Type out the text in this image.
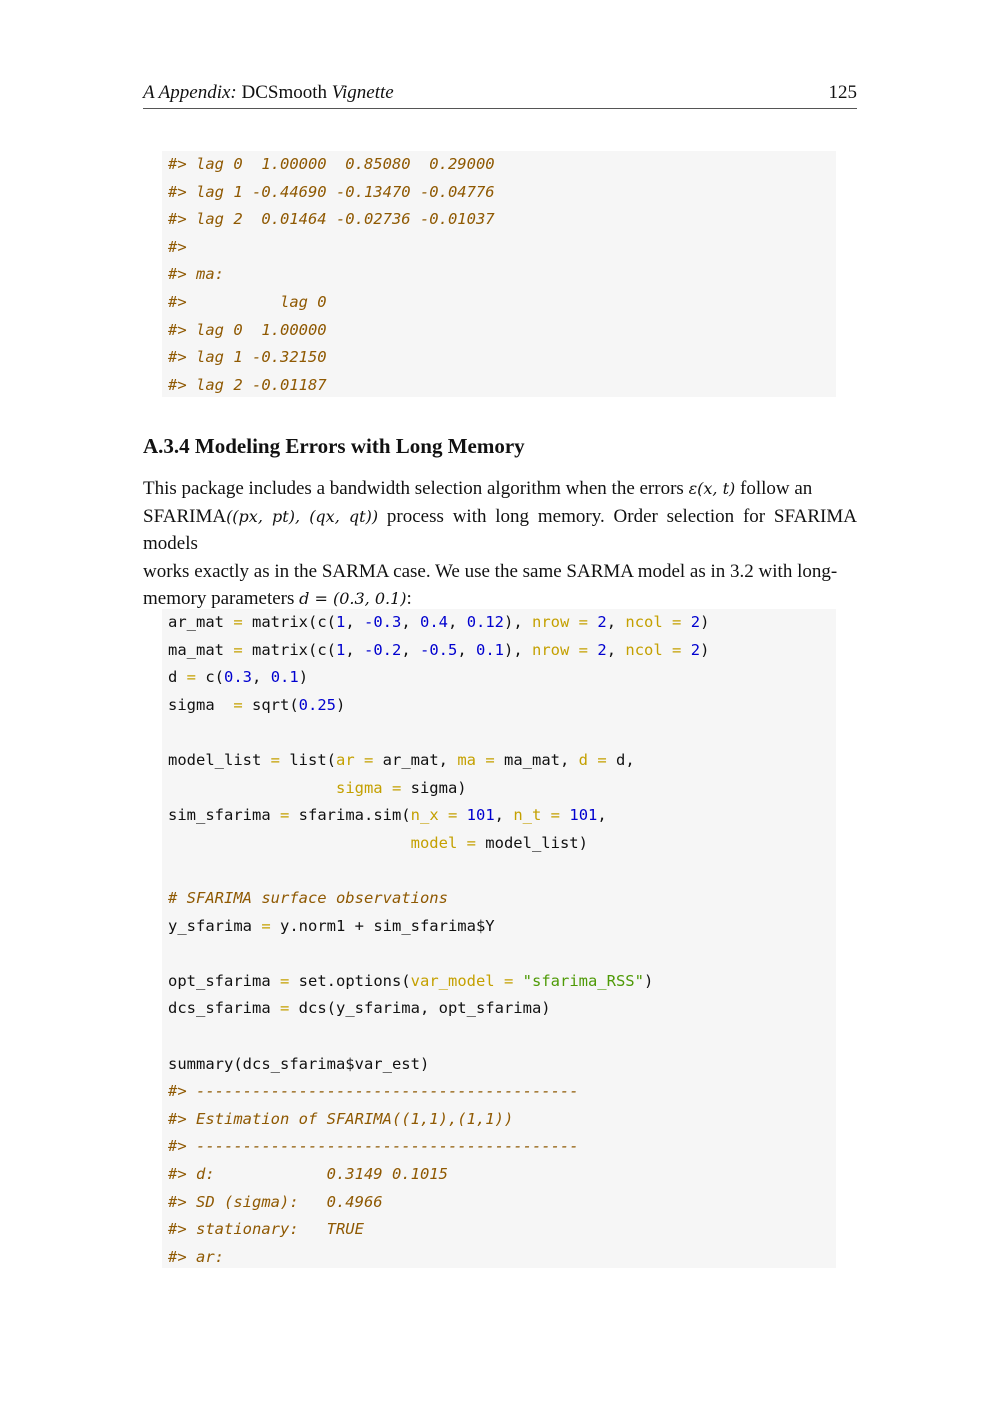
A Appendix: DCSmooth Vignette	125
#> lag 0  1.00000  0.85080  0.29000
#> lag 1 -0.44690 -0.13470 -0.04776
#> lag 2  0.01464 -0.02736 -0.01037
#>
#> ma:
#>          lag 0
#> lag 0  1.00000
#> lag 1 -0.32150
#> lag 2 -0.01187
A.3.4 Modeling Errors with Long Memory
This package includes a bandwidth selection algorithm when the errors ε(x, t) follow an
SFARIMA((px, pt), (qx, qt)) process with long memory. Order selection for SFARIMA models
works exactly as in the SARMA case. We use the same SARMA model as in 3.2 with long-
memory parameters d = (0.3, 0.1):
ar_mat = matrix(c(1, -0.3, 0.4, 0.12), nrow = 2, ncol = 2)
ma_mat = matrix(c(1, -0.2, -0.5, 0.1), nrow = 2, ncol = 2)
d = c(0.3, 0.1)
sigma  = sqrt(0.25)
model_list = list(ar = ar_mat, ma = ma_mat, d = d,
sigma = sigma)
sim_sfarima = sfarima.sim(n_x = 101, n_t = 101,
model = model_list)
# SFARIMA surface observations
y_sfarima = y.norm1 + sim_sfarima$Y
opt_sfarima = set.options(var_model = "sfarima_RSS")
dcs_sfarima = dcs(y_sfarima, opt_sfarima)
summary(dcs_sfarima$var_est)
#> -----------------------------------------
#> Estimation of SFARIMA((1,1),(1,1))
#> -----------------------------------------
#> d:            0.3149 0.1015
#> SD (sigma):   0.4966
#> stationary:   TRUE
#> ar:
